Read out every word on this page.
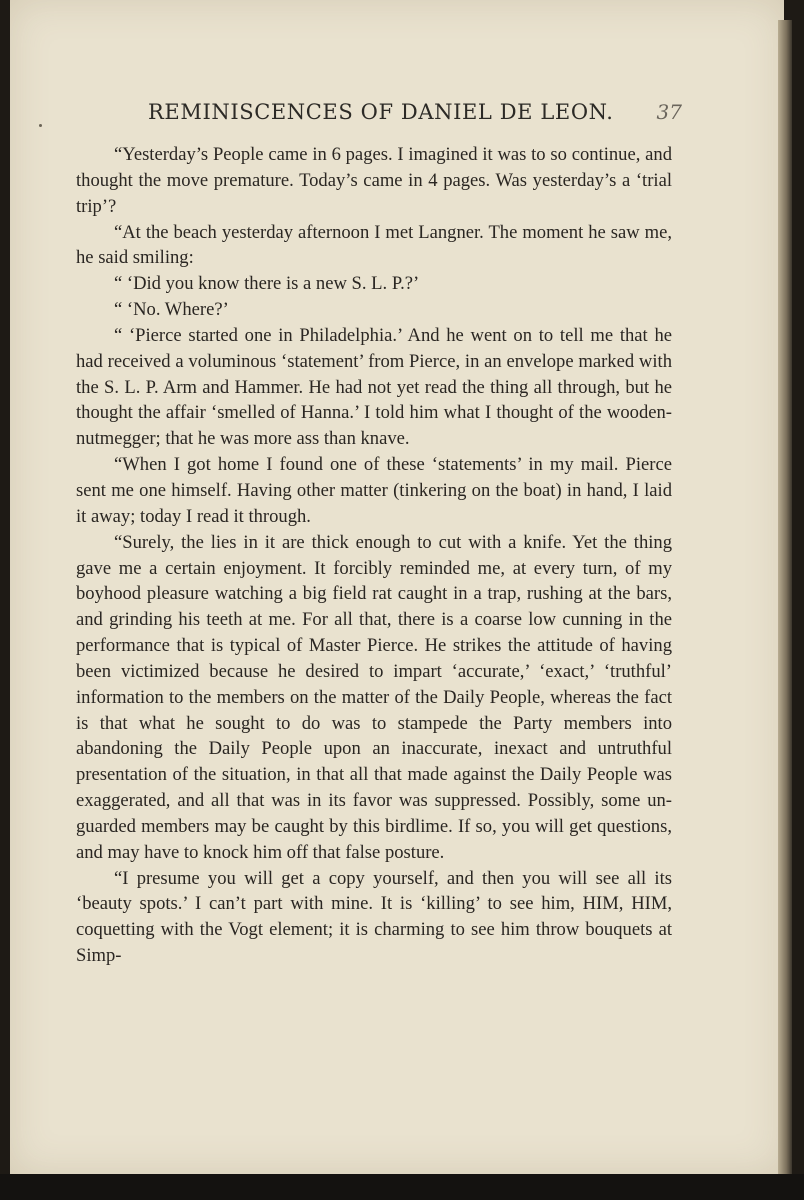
REMINISCENCES OF DANIEL DE LEON. 37

“Yesterday’s People came in 6 pages. I imagined it was to so continue, and thought the move premature. Today’s came in 4 pages. Was yesterday’s a ‘trial trip’?

“At the beach yesterday afternoon I met Langner. The moment he saw me, he said smiling:

“ ‘Did you know there is a new S. L. P.?’

“ ‘No. Where?’

“ ‘Pierce started one in Philadelphia.’ And he went on to tell me that he had received a voluminous ‘statement’ from Pierce, in an envelope marked with the S. L. P. Arm and Hammer. He had not yet read the thing all through, but he thought the affair ‘smelled of Hanna.’ I told him what I thought of the wooden-nutmegger; that he was more ass than knave.

“When I got home I found one of these ‘statements’ in my mail. Pierce sent me one himself. Having other matter (tinkering on the boat) in hand, I laid it away; today I read it through.

“Surely, the lies in it are thick enough to cut with a knife. Yet the thing gave me a certain enjoyment. It forcibly reminded me, at every turn, of my boyhood pleasure watching a big field rat caught in a trap, rushing at the bars, and grinding his teeth at me. For all that, there is a coarse low cunning in the performance that is typical of Master Pierce. He strikes the attitude of having been victimized because he desired to impart ‘accurate,’ ‘exact,’ ‘truthful’ information to the members on the matter of the Daily People, whereas the fact is that what he sought to do was to stampede the Party members into abandoning the Daily People upon an inaccurate, inexact and untruthful presentation of the situation, in that all that made against the Daily People was exaggerated, and all that was in its favor was suppressed. Possibly, some unguarded members may be caught by this birdlime. If so, you will get questions, and may have to knock him off that false posture.

“I presume you will get a copy yourself, and then you will see all its ‘beauty spots.’ I can’t part with mine. It is ‘killing’ to see him, HIM, HIM, coquetting with the Vogt element; it is charming to see him throw bouquets at Simp-
